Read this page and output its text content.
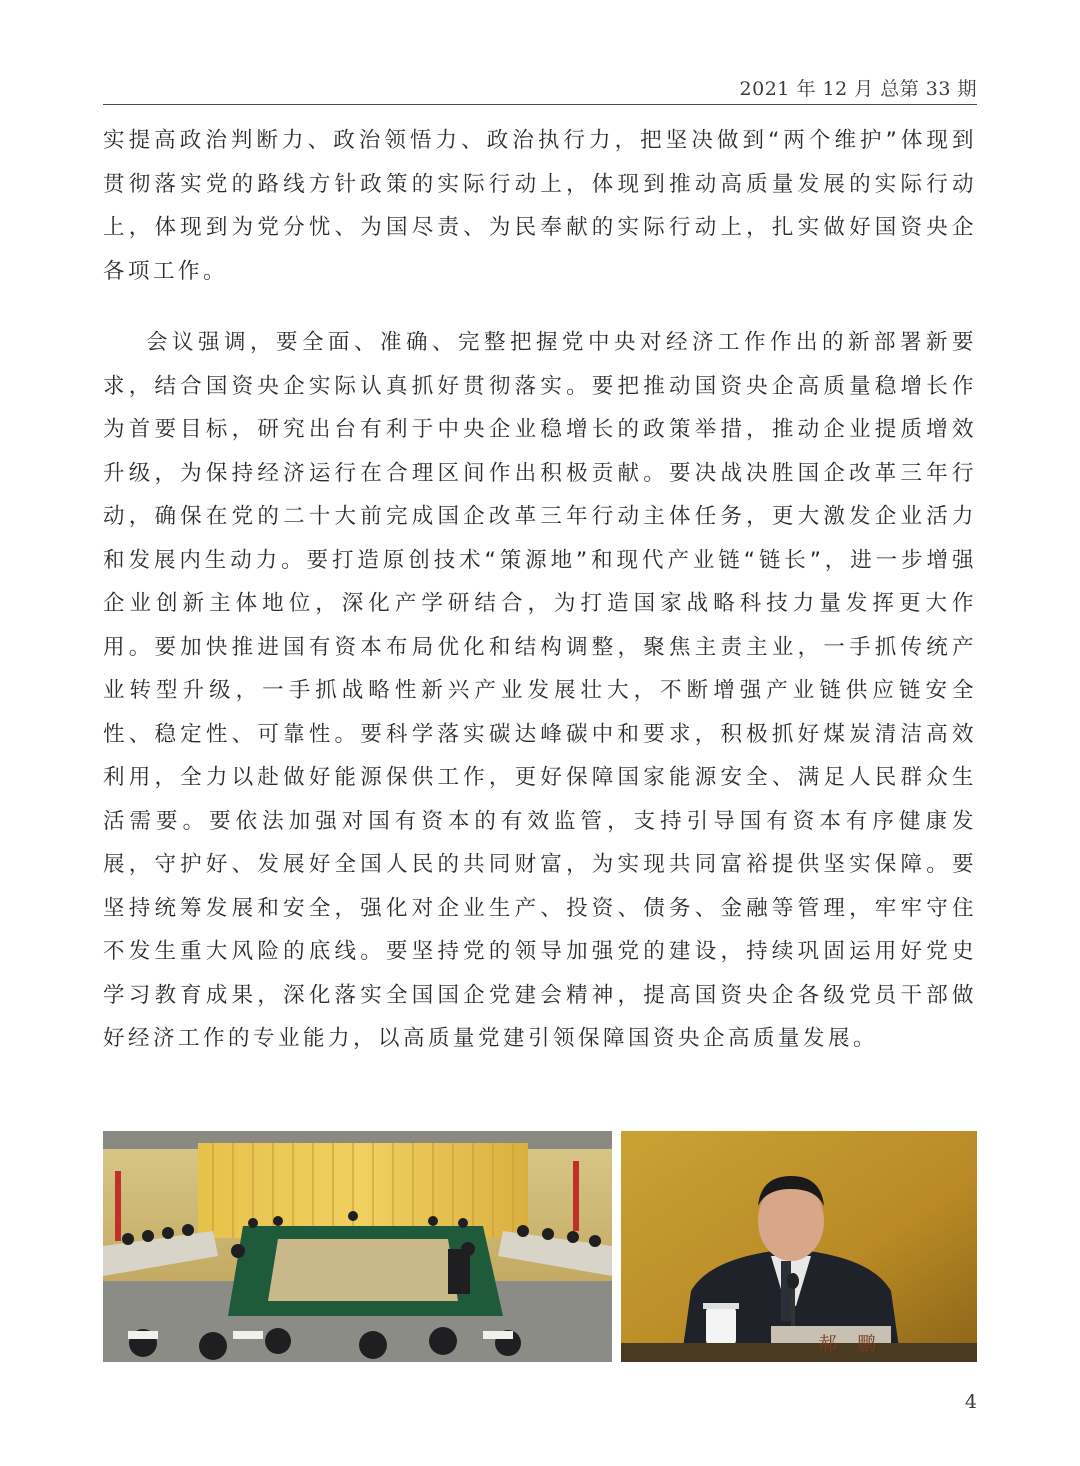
2021 年 12 月 总第 33 期

实提高政治判断力、政治领悟力、政治执行力，把坚决做到“两个维护”体现到贯彻落实党的路线方针政策的实际行动上，体现到推动高质量发展的实际行动上，体现到为党分忧、为国尽责、为民奉献的实际行动上，扎实做好国资央企各项工作。

会议强调，要全面、准确、完整把握党中央对经济工作作出的新部署新要求，结合国资央企实际认真抓好贯彻落实。要把推动国资央企高质量稳增长作为首要目标，研究出台有利于中央企业稳增长的政策举措，推动企业提质增效升级，为保持经济运行在合理区间作出积极贡献。要决战决胜国企改革三年行动，确保在党的二十大前完成国企改革三年行动主体任务，更大激发企业活力和发展内生动力。要打造原创技术“策源地”和现代产业链“链长”，进一步增强企业创新主体地位，深化产学研结合，为打造国家战略科技力量发挥更大作用。要加快推进国有资本布局优化和结构调整，聚焦主责主业，一手抓传统产业转型升级，一手抓战略性新兴产业发展壮大，不断增强产业链供应链安全性、稳定性、可靠性。要科学落实碳达峰碳中和要求，积极抓好煤炭清洁高效利用，全力以赴做好能源保供工作，更好保障国家能源安全、满足人民群众生活需要。要依法加强对国有资本的有效监管，支持引导国有资本有序健康发展，守护好、发展好全国人民的共同财富，为实现共同富裕提供坚实保障。要坚持统筹发展和安全，强化对企业生产、投资、债务、金融等管理，牢牢守住不发生重大风险的底线。要坚持党的领导加强党的建设，持续巩固运用好党史学习教育成果，深化落实全国国企党建会精神，提高国资央企各级党员干部做好经济工作的专业能力，以高质量党建引领保障国资央企高质量发展。

郝鹏
4
